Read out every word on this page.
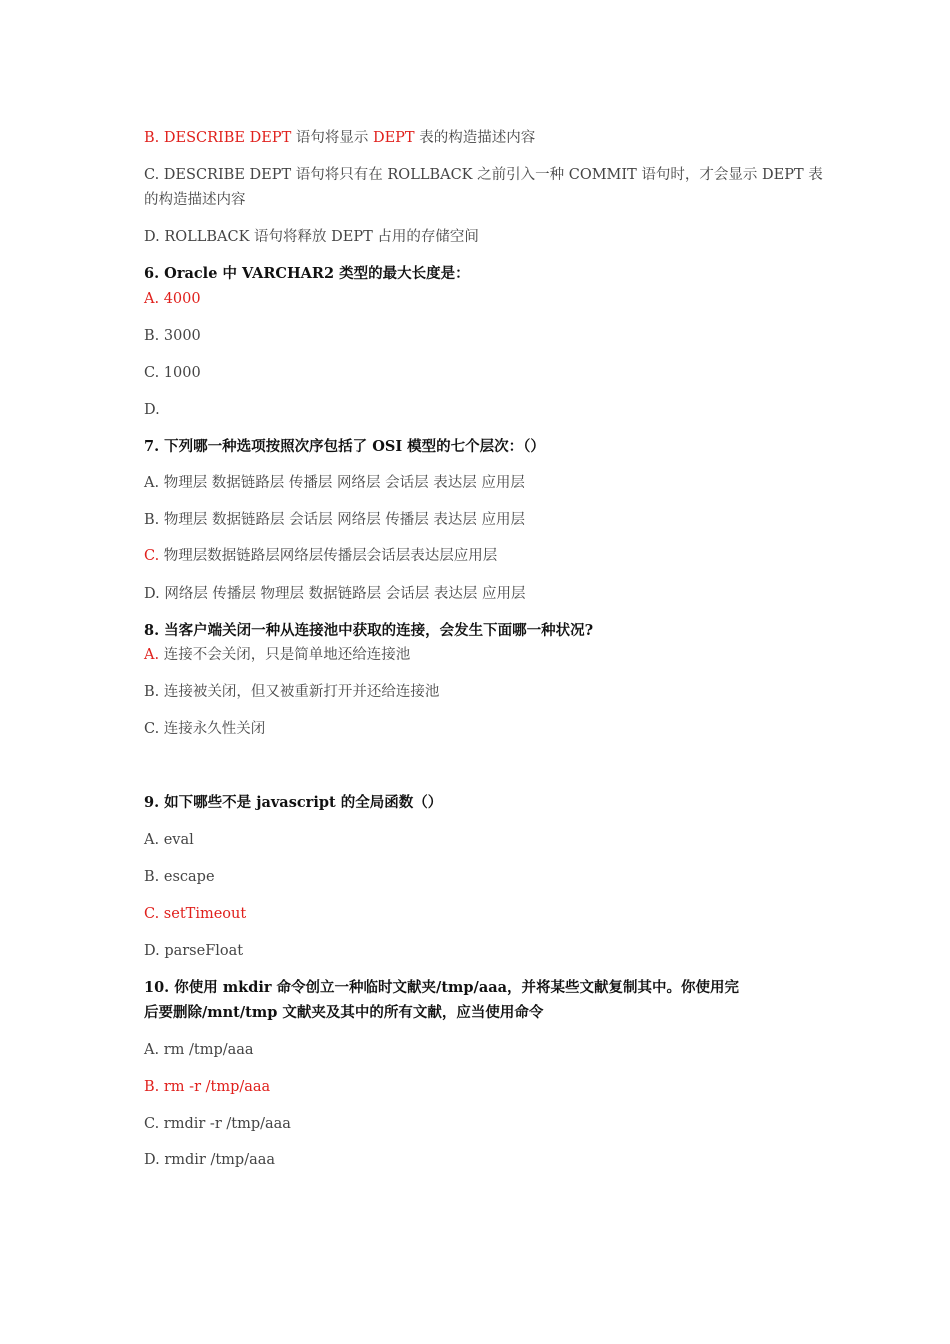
B. DESCRIBE DEPT 语句将显示 DEPT 表的构造描述内容
C. DESCRIBE DEPT 语句将只有在 ROLLBACK 之前引入一种 COMMIT 语句时，才会显示 DEPT 表
的构造描述内容
D. ROLLBACK 语句将释放 DEPT 占用的存储空间
6. Oracle 中 VARCHAR2 类型的最大长度是：
A. 4000
B. 3000
C. 1000
D.
7. 下列哪一种选项按照次序包括了 OSI 模型的七个层次：（）
A. 物理层 数据链路层 传播层 网络层 会话层 表达层 应用层
B. 物理层 数据链路层 会话层 网络层 传播层 表达层 应用层
C. 物理层数据链路层网络层传播层会话层表达层应用层
D. 网络层 传播层 物理层 数据链路层 会话层 表达层 应用层
8. 当客户端关闭一种从连接池中获取的连接，会发生下面哪一种状况?
A. 连接不会关闭，只是简单地还给连接池
B. 连接被关闭，但又被重新打开并还给连接池
C. 连接永久性关闭
9. 如下哪些不是 javascript 的全局函数（）
A. eval
B. escape
C. setTimeout
D. parseFloat
10. 你使用 mkdir 命令创立一种临时文献夹/tmp/aaa，并将某些文献复制其中。你使用完
后要删除/mnt/tmp 文献夹及其中的所有文献，应当使用命令
A. rm /tmp/aaa
B. rm -r /tmp/aaa
C. rmdir -r /tmp/aaa
D. rmdir /tmp/aaa
